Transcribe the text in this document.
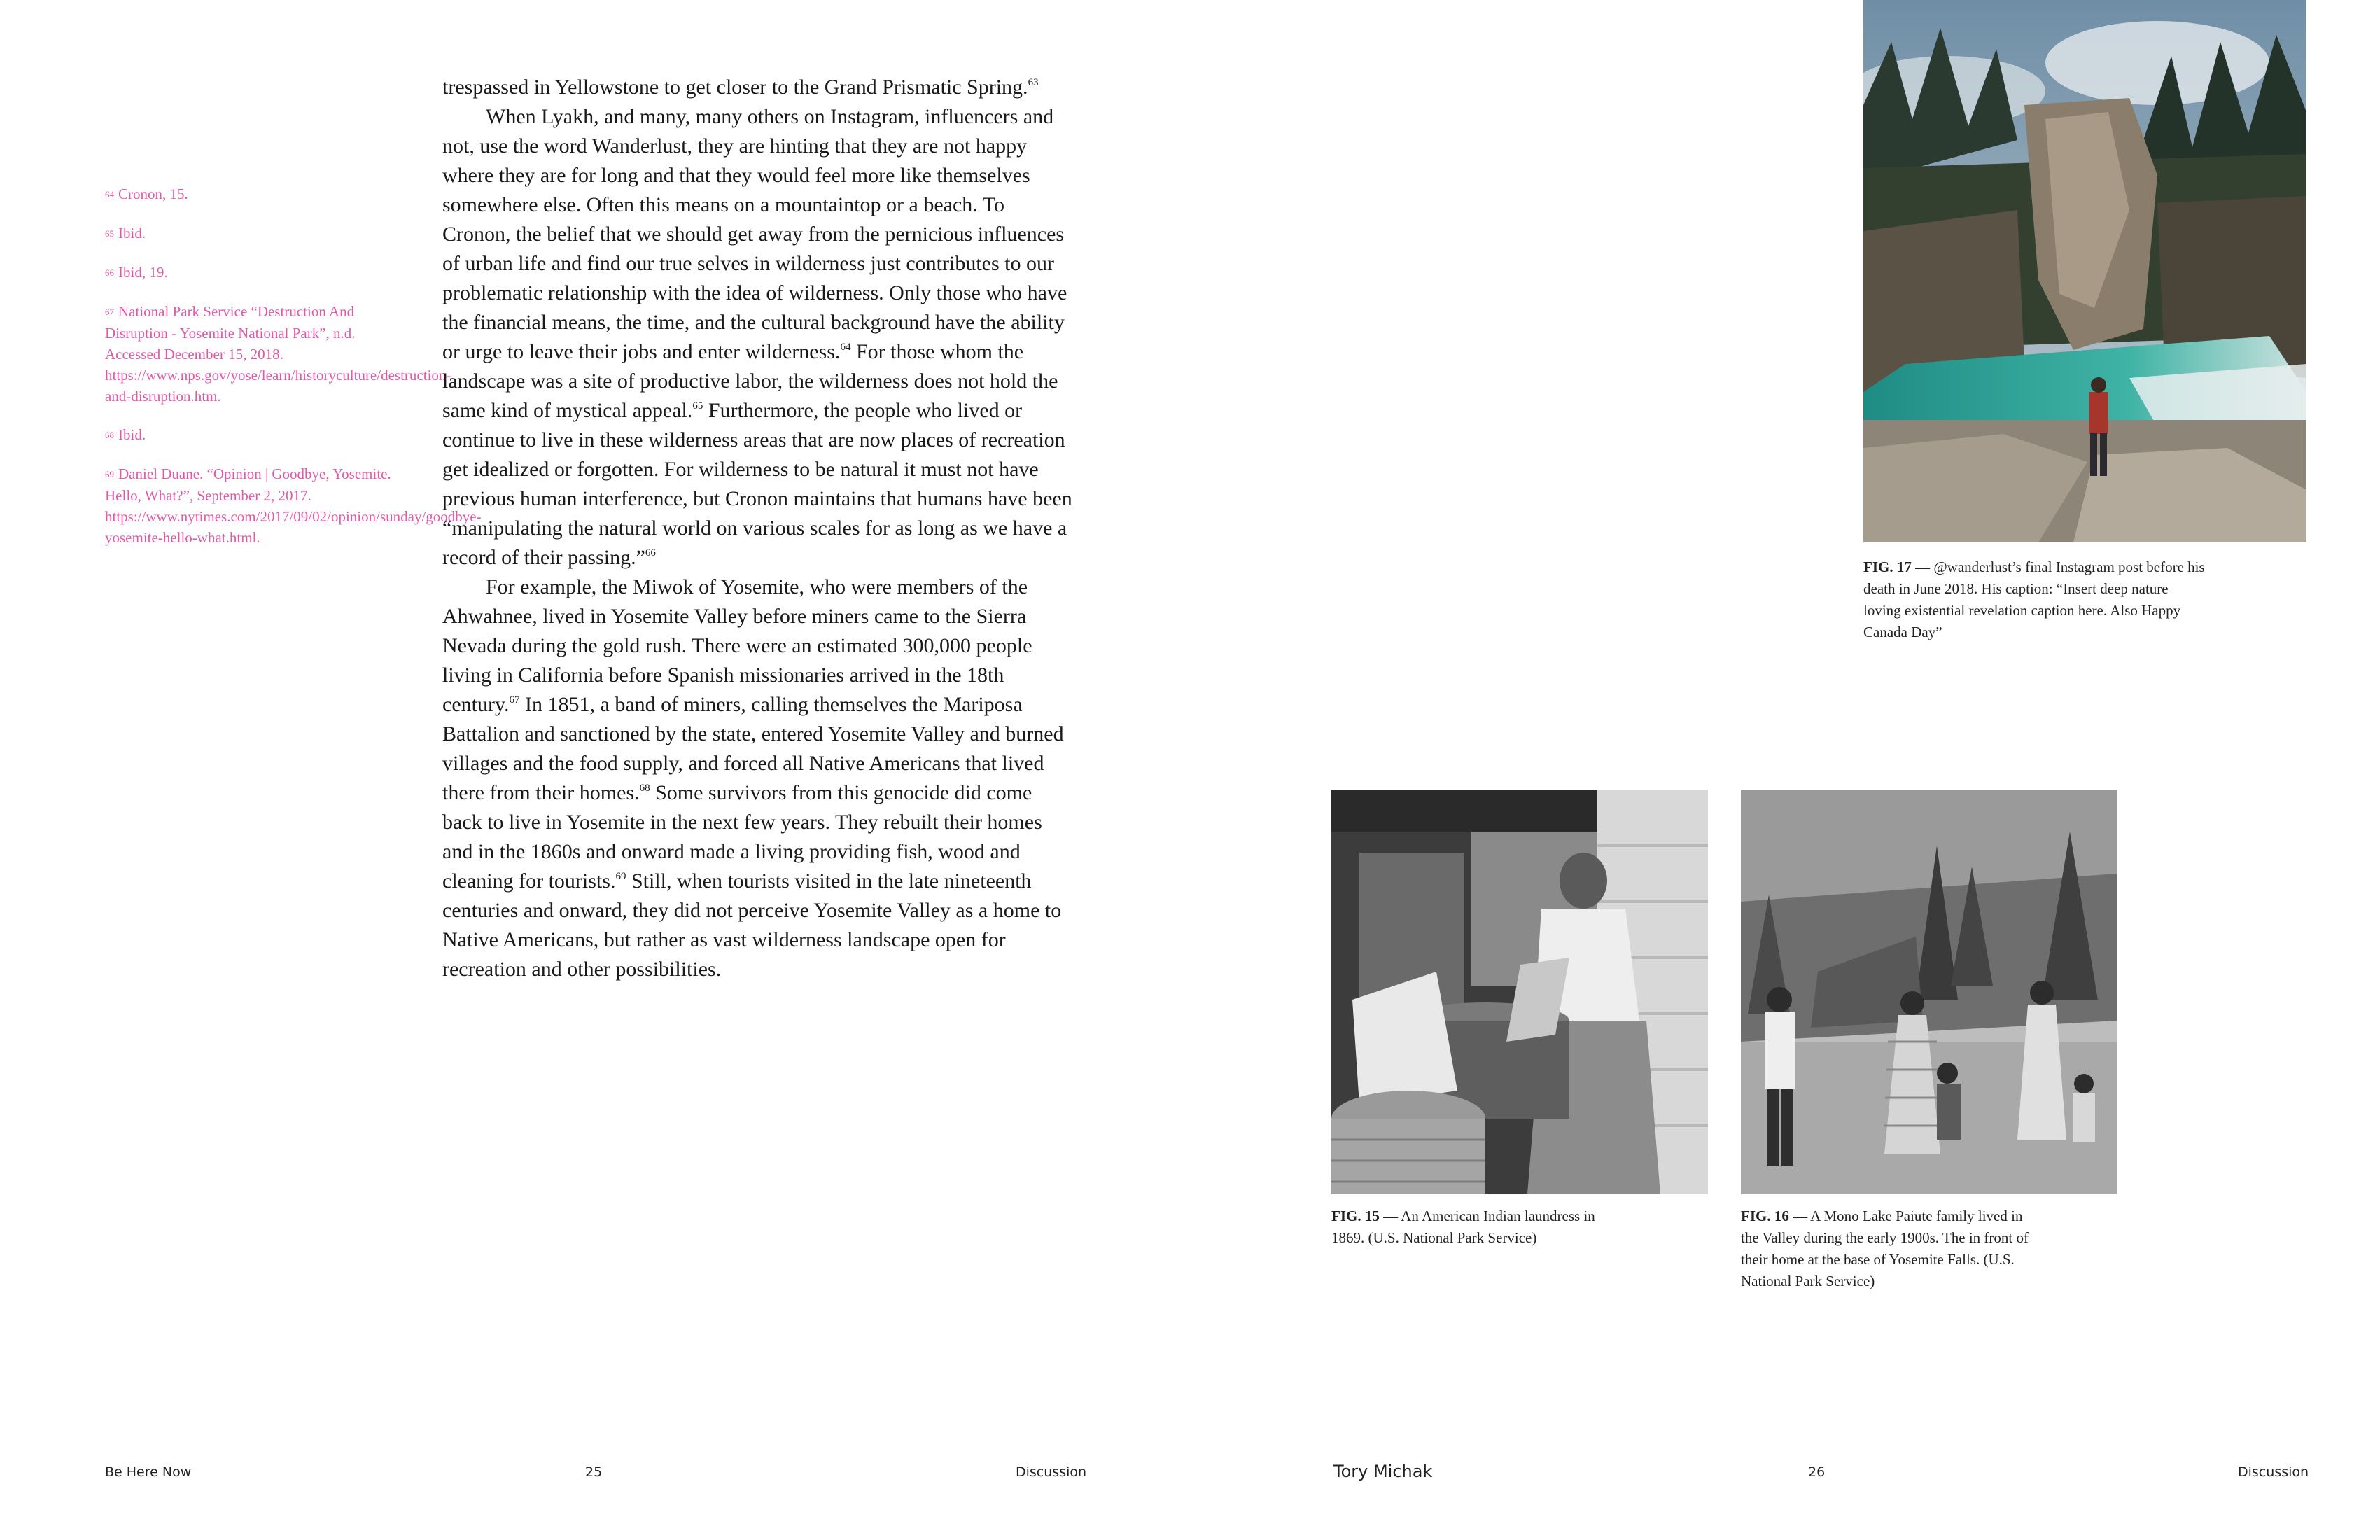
64 Cronon, 15.

65 Ibid.

66 Ibid, 19.

67 National Park Service “Destruction And Disruption - Yosemite National Park”, n.d. Accessed December 15, 2018. https://www.nps.gov/yose/learn/historyculture/destruction-and-disruption.htm.

68 Ibid.

69 Daniel Duane. “Opinion | Goodbye, Yosemite. Hello, What?”, September 2, 2017. https://www.nytimes.com/2017/09/02/opinion/sunday/goodbye-yosemite-hello-what.html.

trespassed in Yellowstone to get closer to the Grand Prismatic Spring.$^{63}$

When Lyakh, and many, many others on Instagram, influencers and not, use the word Wanderlust, they are hinting that they are not happy where they are for long and that they would feel more like themselves somewhere else. Often this means on a mountaintop or a beach. To Cronon, the belief that we should get away from the pernicious influences of urban life and find our true selves in wilderness just contributes to our problematic relationship with the idea of wilderness. Only those who have the financial means, the time, and the cultural background have the ability or urge to leave their jobs and enter wilderness.$^{64}$ For those whom the landscape was a site of productive labor, the wilderness does not hold the same kind of mystical appeal.$^{65}$ Furthermore, the people who lived or continue to live in these wilderness areas that are now places of recreation get idealized or forgotten. For wilderness to be natural it must not have previous human interference, but Cronon maintains that humans have been “manipulating the natural world on various scales for as long as we have a record of their passing.”$^{66}$

For example, the Miwok of Yosemite, who were members of the Ahwahnee, lived in Yosemite Valley before miners came to the Sierra Nevada during the gold rush. There were an estimated 300,000 people living in California before Spanish missionaries arrived in the 18th century.$^{67}$ In 1851, a band of miners, calling themselves the Mariposa Battalion and sanctioned by the state, entered Yosemite Valley and burned villages and the food supply, and forced all Native Americans that lived there from their homes.$^{68}$ Some survivors from this genocide did come back to live in Yosemite in the next few years. They rebuilt their homes and in the 1860s and onward made a living providing fish, wood and cleaning for tourists.$^{69}$ Still, when tourists visited in the late nineteenth centuries and onward, they did not perceive Yosemite Valley as a home to Native Americans, but rather as vast wilderness landscape open for recreation and other possibilities.

Be Here Now	25	Discussion
FIG. 17 — @wanderlust’s final Instagram post before his death in June 2018. His caption: “Insert deep nature loving existential revelation caption here. Also Happy Canada Day”
FIG. 15 — An American Indian laundress in 1869. (U.S. National Park Service)
FIG. 16 — A Mono Lake Paiute family lived in the Valley during the early 1900s. The in front of their home at the base of Yosemite Falls. (U.S. National Park Service)
Tory Michak	26	Discussion
